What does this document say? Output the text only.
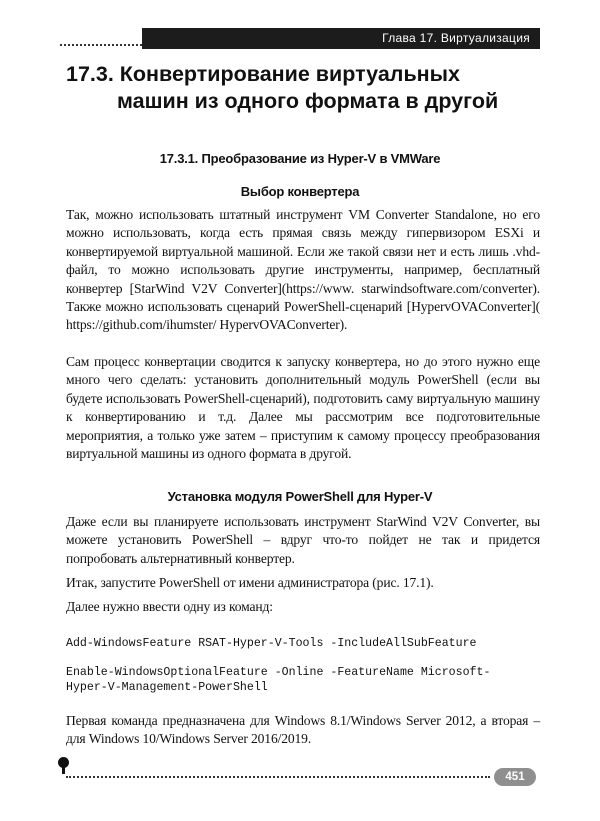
Глава 17. Виртуализация
17.3. Конвертирование виртуальных
машин из одного формата в другой
17.3.1. Преобразование из Hyper-V в VMWare
Выбор конвертера

Так, можно использовать штатный инструмент VM Converter Standalone, но его можно использовать, когда есть прямая связь между гипервизором ESXi и конвертируемой виртуальной машиной. Если же такой связи нет и есть лишь .vhd-файл, то можно использовать другие инструменты, например, бесплатный конвертер [StarWind V2V Converter](https://www. starwindsoftware.com/converter). Также можно использовать сценарий PowerShell-сценарий [HypervOVAConverter]( https://github.com/ihumster/ HypervOVAConverter).

Сам процесс конвертации сводится к запуску конвертера, но до этого нужно еще много чего сделать: установить дополнительный модуль PowerShell (если вы будете использовать PowerShell-сценарий), подготовить саму виртуальную машину к конвертированию и т.д. Далее мы рассмотрим все подготовительные мероприятия, а только уже затем – приступим к самому процессу преобразования виртуальной машины из одного формата в другой.

Установка модуля PowerShell для Hyper-V

Даже если вы планируете использовать инструмент StarWind V2V Converter, вы можете установить PowerShell – вдруг что-то пойдет не так и придется попробовать альтернативный конвертер.

Итак, запустите PowerShell от имени администратора (рис. 17.1).

Далее нужно ввести одну из команд:

Add-WindowsFeature RSAT-Hyper-V-Tools -IncludeAllSubFeature
Enable-WindowsOptionalFeature -Online -FeatureName Microsoft-
Hyper-V-Management-PowerShell

Первая команда предназначена для Windows 8.1/Windows Server 2012, а вторая – для Windows 10/Windows Server 2016/2019.

451
